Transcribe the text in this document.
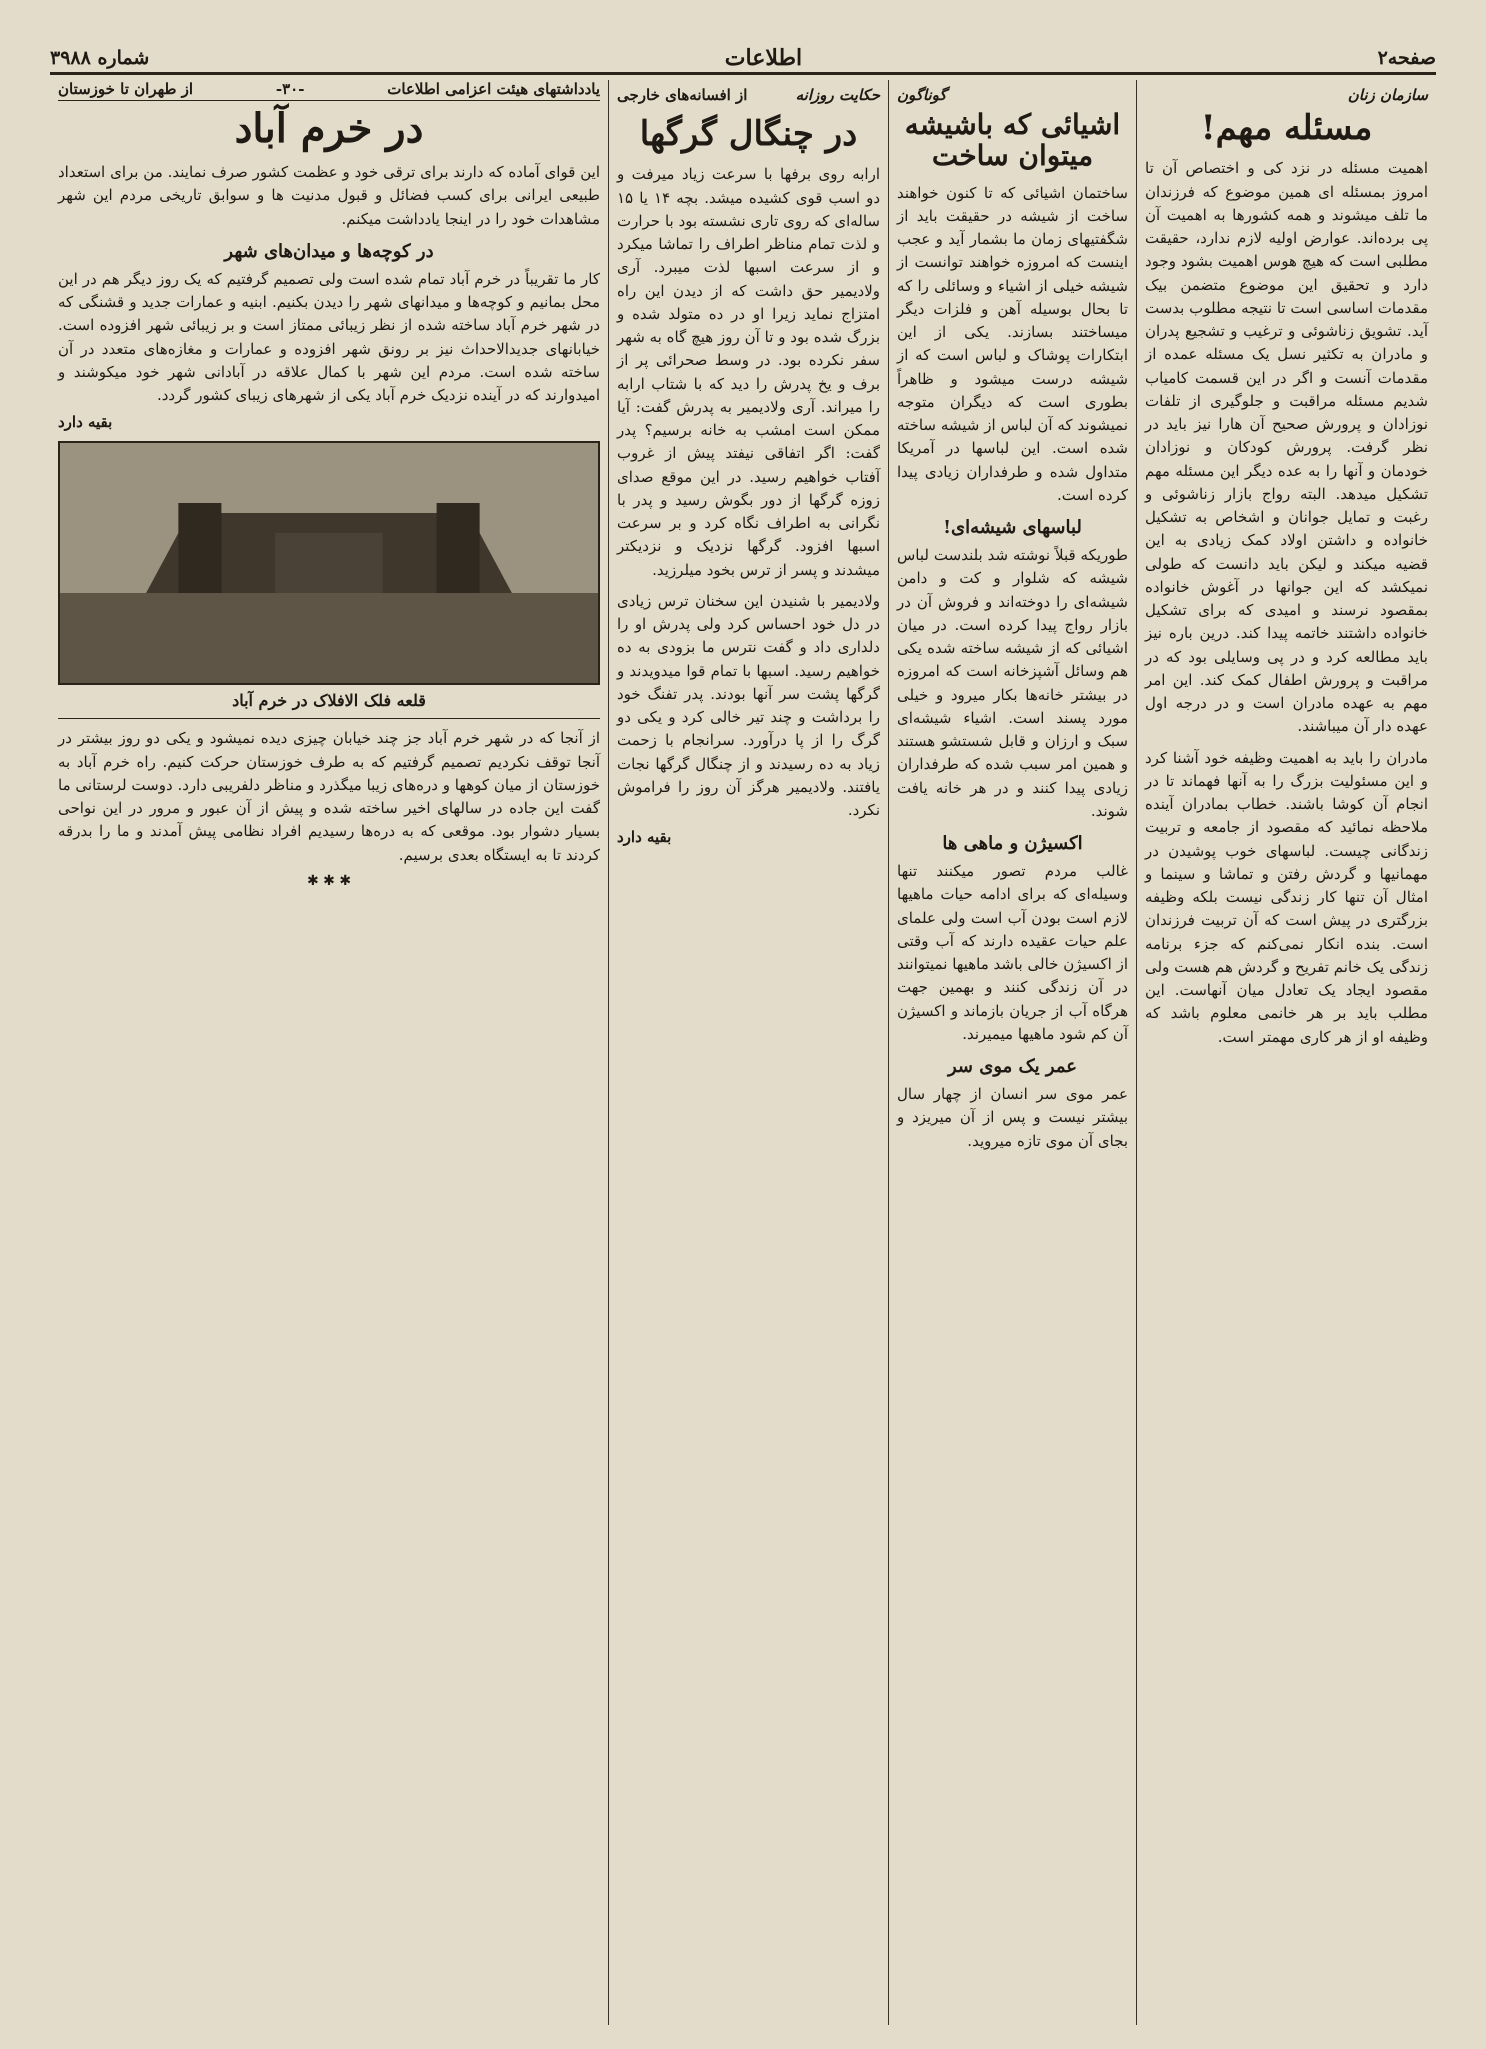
صفحه۲
اطلاعات
شماره ۳۹۸۸
سازمان زنان
مسئله مهم!
اهمیت مسئله در نزد کی و اختصاص آن تا امروز بمسئله ای همین موضوع که فرزندان ما تلف میشوند و همه کشورها به اهمیت آن پی برده‌اند. عوارض اولیه لازم ندارد، حقیقت مطلبی است که هیچ هوس اهمیت بشود وجود دارد و تحقیق این موضوع متضمن بیک مقدمات اساسی است تا نتیجه مطلوب بدست آید. تشویق زناشوئی و ترغیب و تشجیع پدران و مادران به تکثیر نسل یک مسئله عمده از مقدمات آنست و اگر در این قسمت کامیاب شدیم مسئله مراقبت و جلوگیری از تلفات نوزادان و پرورش صحیح آن هارا نیز باید در نظر گرفت. پرورش کودکان و نوزادان خودمان و آنها را به عده دیگر این مسئله مهم تشکیل میدهد. البته رواج بازار زناشوئی و رغبت و تمایل جوانان و اشخاص به تشکیل خانواده و داشتن اولاد کمک زیادی به این قضیه میکند و لیکن باید دانست که طولی نمیکشد که این جوانها در آغوش خانواده بمقصود نرسند و امیدی که برای تشکیل خانواده داشتند خاتمه پیدا کند. درین باره نیز باید مطالعه کرد و در پی وسایلی بود که در مراقبت و پرورش اطفال کمک کند. این امر مهم به عهده مادران است و در درجه اول عهده دار آن میباشند.
مادران را باید به اهمیت وظیفه خود آشنا کرد و این مسئولیت بزرگ را به آنها فهماند تا در انجام آن کوشا باشند. خطاب بمادران آینده ملاحظه نمائید که مقصود از جامعه و تربیت زندگانی چیست. لباسهای خوب پوشیدن در مهمانیها و گردش رفتن و تماشا و سینما و امثال آن تنها کار زندگی نیست بلکه وظیفه بزرگتری در پیش است که آن تربیت فرزندان است. بنده انکار نمی‌کنم که جزء برنامه زندگی یک خانم تفریح و گردش هم هست ولی مقصود ایجاد یک تعادل میان آنهاست. این مطلب باید بر هر خانمی معلوم باشد که وظیفه او از هر کاری مهمتر است.
گوناگون
اشیائی که باشیشه میتوان ساخت
ساختمان اشیائی که تا کنون خواهند ساخت از شیشه در حقیقت باید از شگفتیهای زمان ما بشمار آید و عجب اینست که امروزه خواهند توانست از شیشه خیلی از اشیاء و وسائلی را که تا بحال بوسیله آهن و فلزات دیگر میساختند بسازند. یکی از این ابتکارات پوشاک و لباس است که از شیشه درست میشود و ظاهراً بطوری است که دیگران متوجه نمیشوند که آن لباس از شیشه ساخته شده است. این لباسها در آمریکا متداول شده و طرفداران زیادی پیدا کرده است.
لباسهای شیشه‌ای!
طوریکه قبلاً نوشته شد بلندست لباس شیشه که شلوار و کت و دامن شیشه‌ای را دوخته‌اند و فروش آن در بازار رواج پیدا کرده است. در میان اشیائی که از شیشه ساخته شده یکی هم وسائل آشپزخانه است که امروزه در بیشتر خانه‌ها بکار میرود و خیلی مورد پسند است. اشیاء شیشه‌ای سبک و ارزان و قابل شستشو هستند و همین امر سبب شده که طرفداران زیادی پیدا کنند و در هر خانه یافت شوند.
اکسیژن و ماهی ها
غالب مردم تصور میکنند تنها وسیله‌ای که برای ادامه حیات ماهیها لازم است بودن آب است ولی علمای علم حیات عقیده دارند که آب وقتی از اکسیژن خالی باشد ماهیها نمیتوانند در آن زندگی کنند و بهمین جهت هرگاه آب از جریان بازماند و اکسیژن آن کم شود ماهیها میمیرند.
عمر یک موی سر
عمر موی سر انسان از چهار سال بیشتر نیست و پس از آن میریزد و بجای آن موی تازه میروید.
حکایت روزانه
از افسانه‌های خارجی
در چنگال گرگها
ارابه روی برفها با سرعت زیاد میرفت و دو اسب قوی کشیده میشد. بچه ۱۴ یا ۱۵ ساله‌ای که روی تاری نشسته بود با حرارت و لذت تمام مناظر اطراف را تماشا میکرد و از سرعت اسبها لذت میبرد. آری ولادیمیر حق داشت که از دیدن این راه امتزاج نماید زیرا او در ده متولد شده و بزرگ شده بود و تا آن روز هیچ گاه به شهر سفر نکرده بود. در وسط صحرائی پر از برف و یخ پدرش را دید که با شتاب ارابه را میراند. آری ولادیمیر به پدرش گفت: آیا ممکن است امشب به خانه برسیم؟ پدر گفت: اگر اتفاقی نیفتد پیش از غروب آفتاب خواهیم رسید. در این موقع صدای زوزه گرگها از دور بگوش رسید و پدر با نگرانی به اطراف نگاه کرد و بر سرعت اسبها افزود. گرگها نزدیک و نزدیکتر میشدند و پسر از ترس بخود میلرزید.
ولادیمیر با شنیدن این سخنان ترس زیادی در دل خود احساس کرد ولی پدرش او را دلداری داد و گفت نترس ما بزودی به ده خواهیم رسید. اسبها با تمام قوا میدویدند و گرگها پشت سر آنها بودند. پدر تفنگ خود را برداشت و چند تیر خالی کرد و یکی دو گرگ را از پا درآورد. سرانجام با زحمت زیاد به ده رسیدند و از چنگال گرگها نجات یافتند. ولادیمیر هرگز آن روز را فراموش نکرد.
بقیه دارد
یادداشتهای هیئت اعزامی اطلاعات
-۳۰-
از طهران تا خوزستان
در خرم آباد
این قوای آماده که دارند برای ترقی خود و عظمت کشور صرف نمایند. من برای استعداد طبیعی ایرانی برای کسب فضائل و قبول مدنیت ها و سوابق تاریخی مردم این شهر مشاهدات خود را در اینجا یادداشت میکنم.
در کوچه‌ها و میدان‌های شهر
کار ما تقریباً در خرم آباد تمام شده است ولی تصمیم گرفتیم که یک روز دیگر هم در این محل بمانیم و کوچه‌ها و میدانهای شهر را دیدن بکنیم. ابنیه و عمارات جدید و قشنگی که در شهر خرم آباد ساخته شده از نظر زیبائی ممتاز است و بر زیبائی شهر افزوده است. خیابانهای جدیدالاحداث نیز بر رونق شهر افزوده و عمارات و مغازه‌های متعدد در آن ساخته شده است. مردم این شهر با کمال علاقه در آبادانی شهر خود میکوشند و امیدوارند که در آینده نزدیک خرم آباد یکی از شهرهای زیبای کشور گردد.
بقیه دارد
قلعه فلک الافلاک در خرم آباد
از آنجا که در شهر خرم آباد جز چند خیابان چیزی دیده نمیشود و یکی دو روز بیشتر در آنجا توقف نکردیم تصمیم گرفتیم که به طرف خوزستان حرکت کنیم. راه خرم آباد به خوزستان از میان کوهها و دره‌های زیبا میگذرد و مناظر دلفریبی دارد. دوست لرستانی ما گفت این جاده در سالهای اخیر ساخته شده و پیش از آن عبور و مرور در این نواحی بسیار دشوار بود. موقعی که به دره‌ها رسیدیم افراد نظامی پیش آمدند و ما را بدرقه کردند تا به ایستگاه بعدی برسیم.
✱ ✱ ✱
